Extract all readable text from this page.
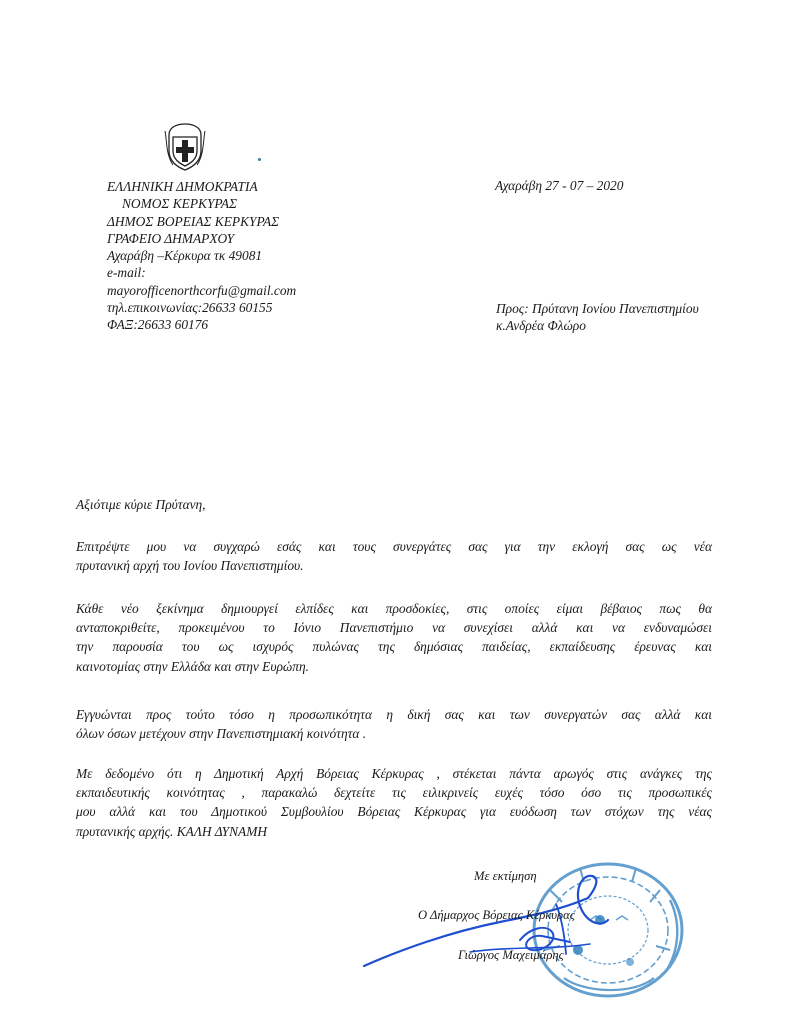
ΕΛΛΗΝΙΚΗ ΔΗΜΟΚΡΑΤΙΑ
ΝΟΜΟΣ ΚΕΡΚΥΡΑΣ
ΔΗΜΟΣ ΒΟΡΕΙΑΣ ΚΕΡΚΥΡΑΣ
ΓΡΑΦΕΙΟ ΔΗΜΑΡΧΟΥ
Αχαράβη –Κέρκυρα τκ 49081
e-mail:
mayorofficenorthcorfu@gmail.com
τηλ.επικοινωνίας:26633 60155
ΦΑΞ:26633 60176
Αχαράβη 27 - 07 – 2020
Προς: Πρύτανη Ιονίου Πανεπιστημίου
κ.Ανδρέα Φλώρο
Αξιότιμε κύριε Πρύτανη,
Επιτρέψτε μου να συγχαρώ εσάς και τους συνεργάτες σας για την εκλογή σας ως νέα
πρυτανική αρχή του Ιονίου Πανεπιστημίου.
Κάθε νέο ξεκίνημα δημιουργεί ελπίδες και προσδοκίες, στις οποίες είμαι βέβαιος πως θα
ανταποκριθείτε, προκειμένου το Ιόνιο Πανεπιστήμιο να συνεχίσει αλλά και να ενδυναμώσει
την παρουσία του ως ισχυρός πυλώνας της δημόσιας παιδείας, εκπαίδευσης έρευνας και
καινοτομίας στην Ελλάδα και στην Ευρώπη.
Εγγυώνται προς τούτο τόσο η προσωπικότητα η δική σας και των συνεργατών σας αλλά και
όλων όσων μετέχουν στην Πανεπιστημιακή κοινότητα .
Με δεδομένο ότι η Δημοτική Αρχή Βόρειας Κέρκυρας , στέκεται πάντα αρωγός στις ανάγκες της
εκπαιδευτικής κοινότητας , παρακαλώ δεχτείτε τις ειλικρινείς ευχές τόσο όσο τις προσωπικές
μου αλλά και του Δημοτικού Συμβουλίου Βόρειας Κέρκυρας για ευόδωση των στόχων της νέας
πρυτανικής αρχής. ΚΑΛΗ ΔΥΝΑΜΗ
Με εκτίμηση
Ο Δήμαρχος Βόρειας Κέρκυρας
Γιώργος Μαχειμάρης
